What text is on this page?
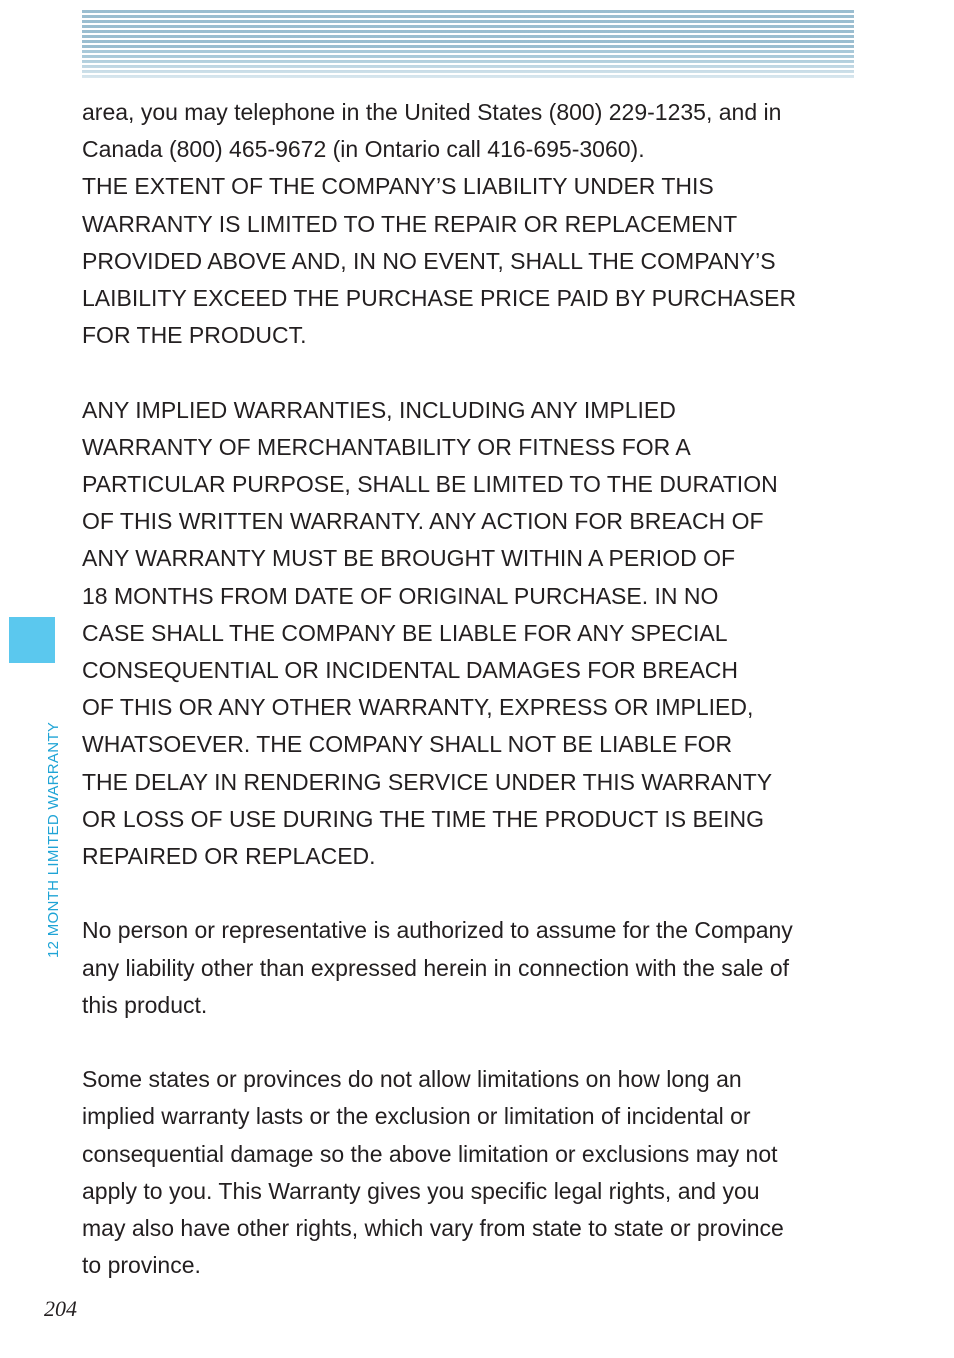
area, you may telephone in the United States (800) 229-1235, and in
Canada (800) 465-9672 (in Ontario call 416-695-3060).

THE EXTENT OF THE COMPANY’S LIABILITY UNDER THIS
WARRANTY IS LIMITED TO THE REPAIR OR REPLACEMENT
PROVIDED ABOVE AND, IN NO EVENT, SHALL THE COMPANY’S
LAIBILITY EXCEED THE PURCHASE PRICE PAID BY PURCHASER
FOR THE PRODUCT.

ANY IMPLIED WARRANTIES, INCLUDING ANY IMPLIED
WARRANTY OF MERCHANTABILITY OR FITNESS FOR A
PARTICULAR PURPOSE, SHALL BE LIMITED TO THE DURATION
OF THIS WRITTEN WARRANTY. ANY ACTION FOR BREACH OF
ANY WARRANTY MUST BE BROUGHT WITHIN A PERIOD OF
18 MONTHS FROM DATE OF ORIGINAL PURCHASE. IN NO
CASE SHALL THE COMPANY BE LIABLE FOR ANY SPECIAL
CONSEQUENTIAL OR INCIDENTAL DAMAGES FOR BREACH
OF THIS OR ANY OTHER WARRANTY, EXPRESS OR IMPLIED,
WHATSOEVER. THE COMPANY SHALL NOT BE LIABLE FOR
THE DELAY IN RENDERING SERVICE UNDER THIS WARRANTY
OR LOSS OF USE DURING THE TIME THE PRODUCT IS BEING
REPAIRED OR REPLACED.

No person or representative is authorized to assume for the Company
any liability other than expressed herein in connection with the sale of
this product.

Some states or provinces do not allow limitations on how long an
implied warranty lasts or the exclusion or limitation of incidental or
consequential damage so the above limitation or exclusions may not
apply to you. This Warranty gives you specific legal rights, and you
may also have other rights, which vary from state to state or province
to province.

12 MONTH LIMITED WARRANTY
204
